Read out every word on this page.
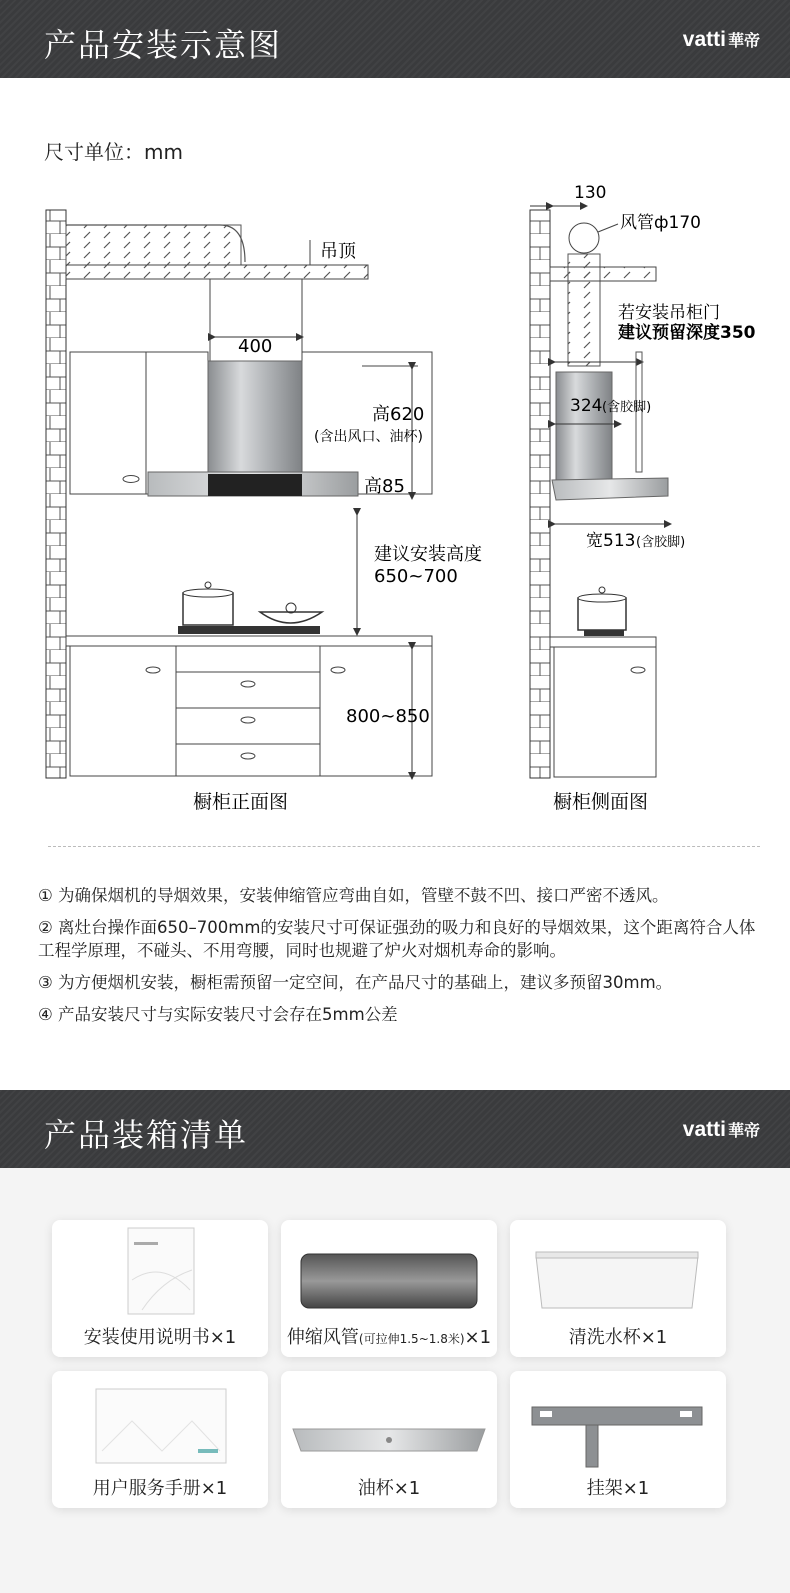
产品安装示意图	vatti 華帝
尺寸单位：mm
吊顶
400
高620
(含出风口、油杯)
高85
建议安装高度
650~700
800~850
橱柜正面图
130
风管ф170
若安装吊柜门
建议预留深度350
324 (含胶脚)
宽513 (含胶脚)
橱柜侧面图

① 为确保烟机的导烟效果，安装伸缩管应弯曲自如，管壁不鼓不凹、接口严密不透风。

② 离灶台操作面650–700mm的安装尺寸可保证强劲的吸力和良好的导烟效果，这个距离符合人体工程学原理，不碰头、不用弯腰，同时也规避了炉火对烟机寿命的影响。

③ 为方便烟机安装，橱柜需预留一定空间，在产品尺寸的基础上，建议多预留30mm。

④ 产品安装尺寸与实际安装尺寸会存在5mm公差

产品装箱清单	vatti 華帝
安装使用说明书×1	伸缩风管(可拉伸1.5~1.8米)×1	清洗水杯×1
用户服务手册×1	油杯×1	挂架×1
